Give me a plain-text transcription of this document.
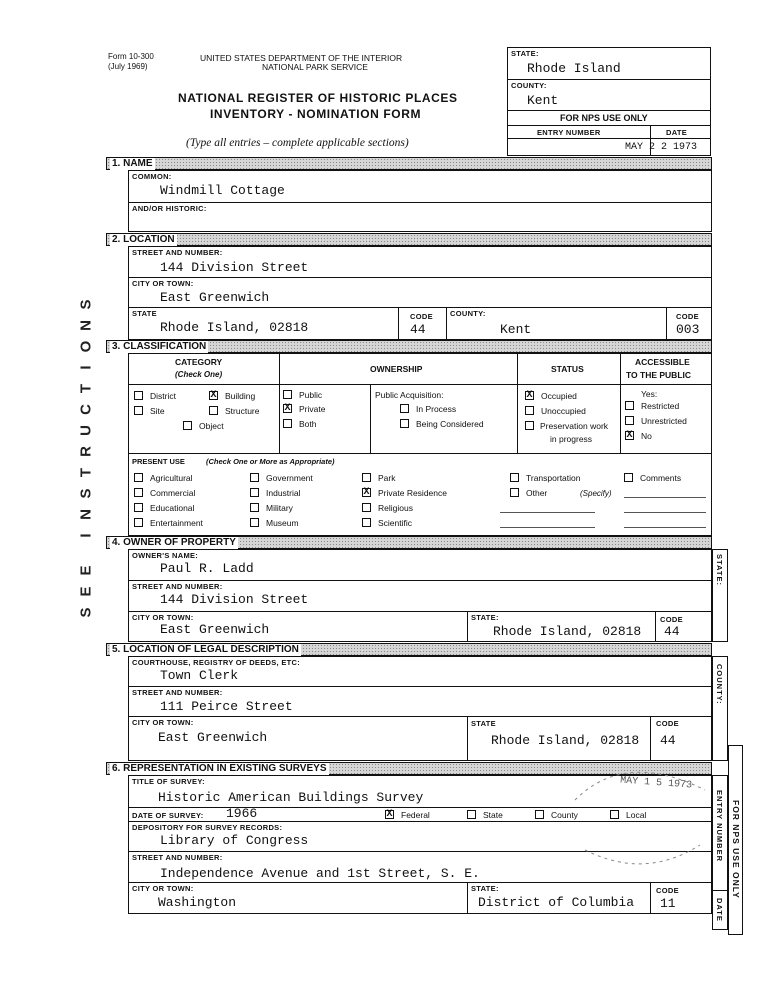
Form 10-300
(July 1969)
UNITED STATES DEPARTMENT OF THE INTERIOR
NATIONAL PARK SERVICE
NATIONAL REGISTER OF HISTORIC PLACES
INVENTORY - NOMINATION FORM
(Type all entries – complete applicable sections)
STATE:
Rhode Island
COUNTY:
Kent
FOR NPS USE ONLY
ENTRY NUMBER	DATE
MAY 2 2 1973
S
E
E
I
N
S
T
R
U
C
T
I
O
N
S
1. NAME
COMMON:
Windmill Cottage
AND/OR HISTORIC:
2. LOCATION
STREET AND NUMBER:
144 Division Street
CITY OR TOWN:
East Greenwich
STATE
Rhode Island, 02818
CODE
44
COUNTY:
Kent
CODE
003
3. CLASSIFICATION
CATEGORY
(Check One)
OWNERSHIP	STATUS
ACCESSIBLE
TO THE PUBLIC
District	X Building
Site	Structure
Object
Public
X Private
Both
Public Acquisition:
In Process
Being Considered
X Occupied
Unoccupied
Preservation work
in progress
Yes:
Restricted
Unrestricted
X No
PRESENT USE	(Check One or More as Appropriate)
Agricultural
Commercial
Educational
Entertainment
Government
Industrial
Military
Museum
Park
X Private Residence
Religious
Scientific
Transportation
Other
Comments
(Specify)
4. OWNER OF PROPERTY
OWNER'S NAME:
Paul R. Ladd
STREET AND NUMBER:
144 Division Street
CITY OR TOWN:
East Greenwich
STATE:
Rhode Island, 02818
CODE
44
STATE:
5. LOCATION OF LEGAL DESCRIPTION
COURTHOUSE, REGISTRY OF DEEDS, ETC:
Town Clerk
STREET AND NUMBER:
111 Peirce Street
CITY OR TOWN:
East Greenwich
STATE
Rhode Island, 02818
CODE
44
COUNTY:
6. REPRESENTATION IN EXISTING SURVEYS
TITLE OF SURVEY:
Historic American Buildings Survey
DATE OF SURVEY: 1966	X Federal	State	County	Local
DEPOSITORY FOR SURVEY RECORDS:
Library of Congress
STREET AND NUMBER:
Independence Avenue and 1st Street, S. E.
CITY OR TOWN:
Washington
STATE:
District of Columbia
CODE
11
ENTRY NUMBER
DATE
FOR NPS USE ONLY
MAY 1 5 1973
